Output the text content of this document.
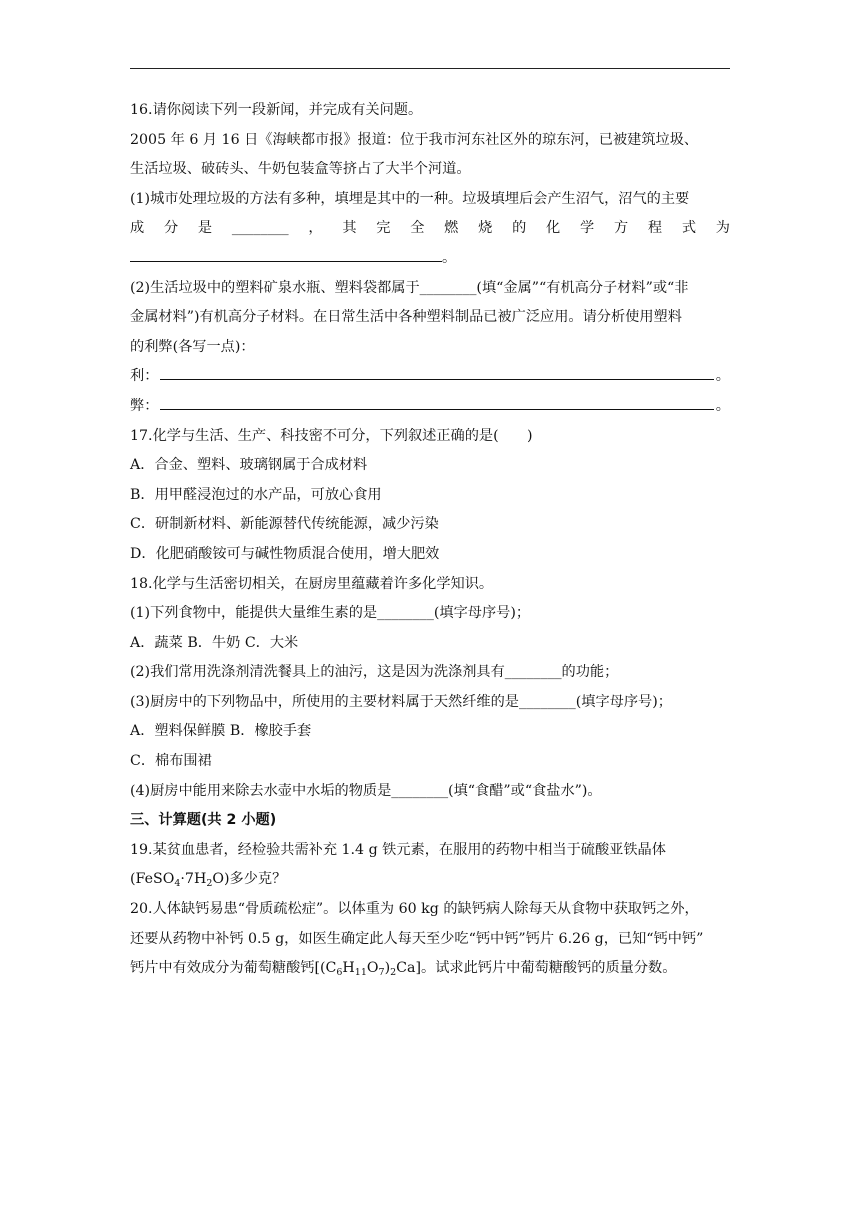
16.请你阅读下列一段新闻，并完成有关问题。
2005 年 6 月 16 日《海峡都市报》报道：位于我市河东社区外的琼东河，已被建筑垃圾、
生活垃圾、破砖头、牛奶包装盒等挤占了大半个河道。
(1)城市处理垃圾的方法有多种，填埋是其中的一种。垃圾填埋后会产生沼气，沼气的主要
成 分 是 ________ ， 其 完 全 燃 烧 的 化 学 方 程 式 为
。
(2)生活垃圾中的塑料矿泉水瓶、塑料袋都属于________(填“金属”“有机高分子材料”或“非
金属材料”)有机高分子材料。在日常生活中各种塑料制品已被广泛应用。请分析使用塑料
的利弊(各写一点)：
利：	。
弊：	。
17.化学与生活、生产、科技密不可分，下列叙述正确的是(　　)
A．合金、塑料、玻璃钢属于合成材料
B．用甲醛浸泡过的水产品，可放心食用
C．研制新材料、新能源替代传统能源，减少污染
D．化肥硝酸铵可与碱性物质混合使用，增大肥效
18.化学与生活密切相关，在厨房里蕴藏着许多化学知识。
(1)下列食物中，能提供大量维生素的是________(填字母序号)；
A．蔬菜 B．牛奶 C．大米
(2)我们常用洗涤剂清洗餐具上的油污，这是因为洗涤剂具有________的功能；
(3)厨房中的下列物品中，所使用的主要材料属于天然纤维的是________(填字母序号)；
A．塑料保鲜膜 B．橡胶手套
C．棉布围裙
(4)厨房中能用来除去水壶中水垢的物质是________(填“食醋”或“食盐水”)。
三、计算题(共 2 小题)
19.某贫血患者，经检验共需补充 1.4 g 铁元素，在服用的药物中相当于硫酸亚铁晶体
$(FeSO_4\cdot 7H_2O)$多少克？
20.人体缺钙易患“骨质疏松症”。以体重为 60 kg 的缺钙病人除每天从食物中获取钙之外，
还要从药物中补钙 0.5 g，如医生确定此人每天至少吃“钙中钙”钙片 6.26 g，已知“钙中钙”
钙片中有效成分为葡萄糖酸钙$[(C_6H_{11}O_7)_2Ca]$。试求此钙片中葡萄糖酸钙的质量分数。
